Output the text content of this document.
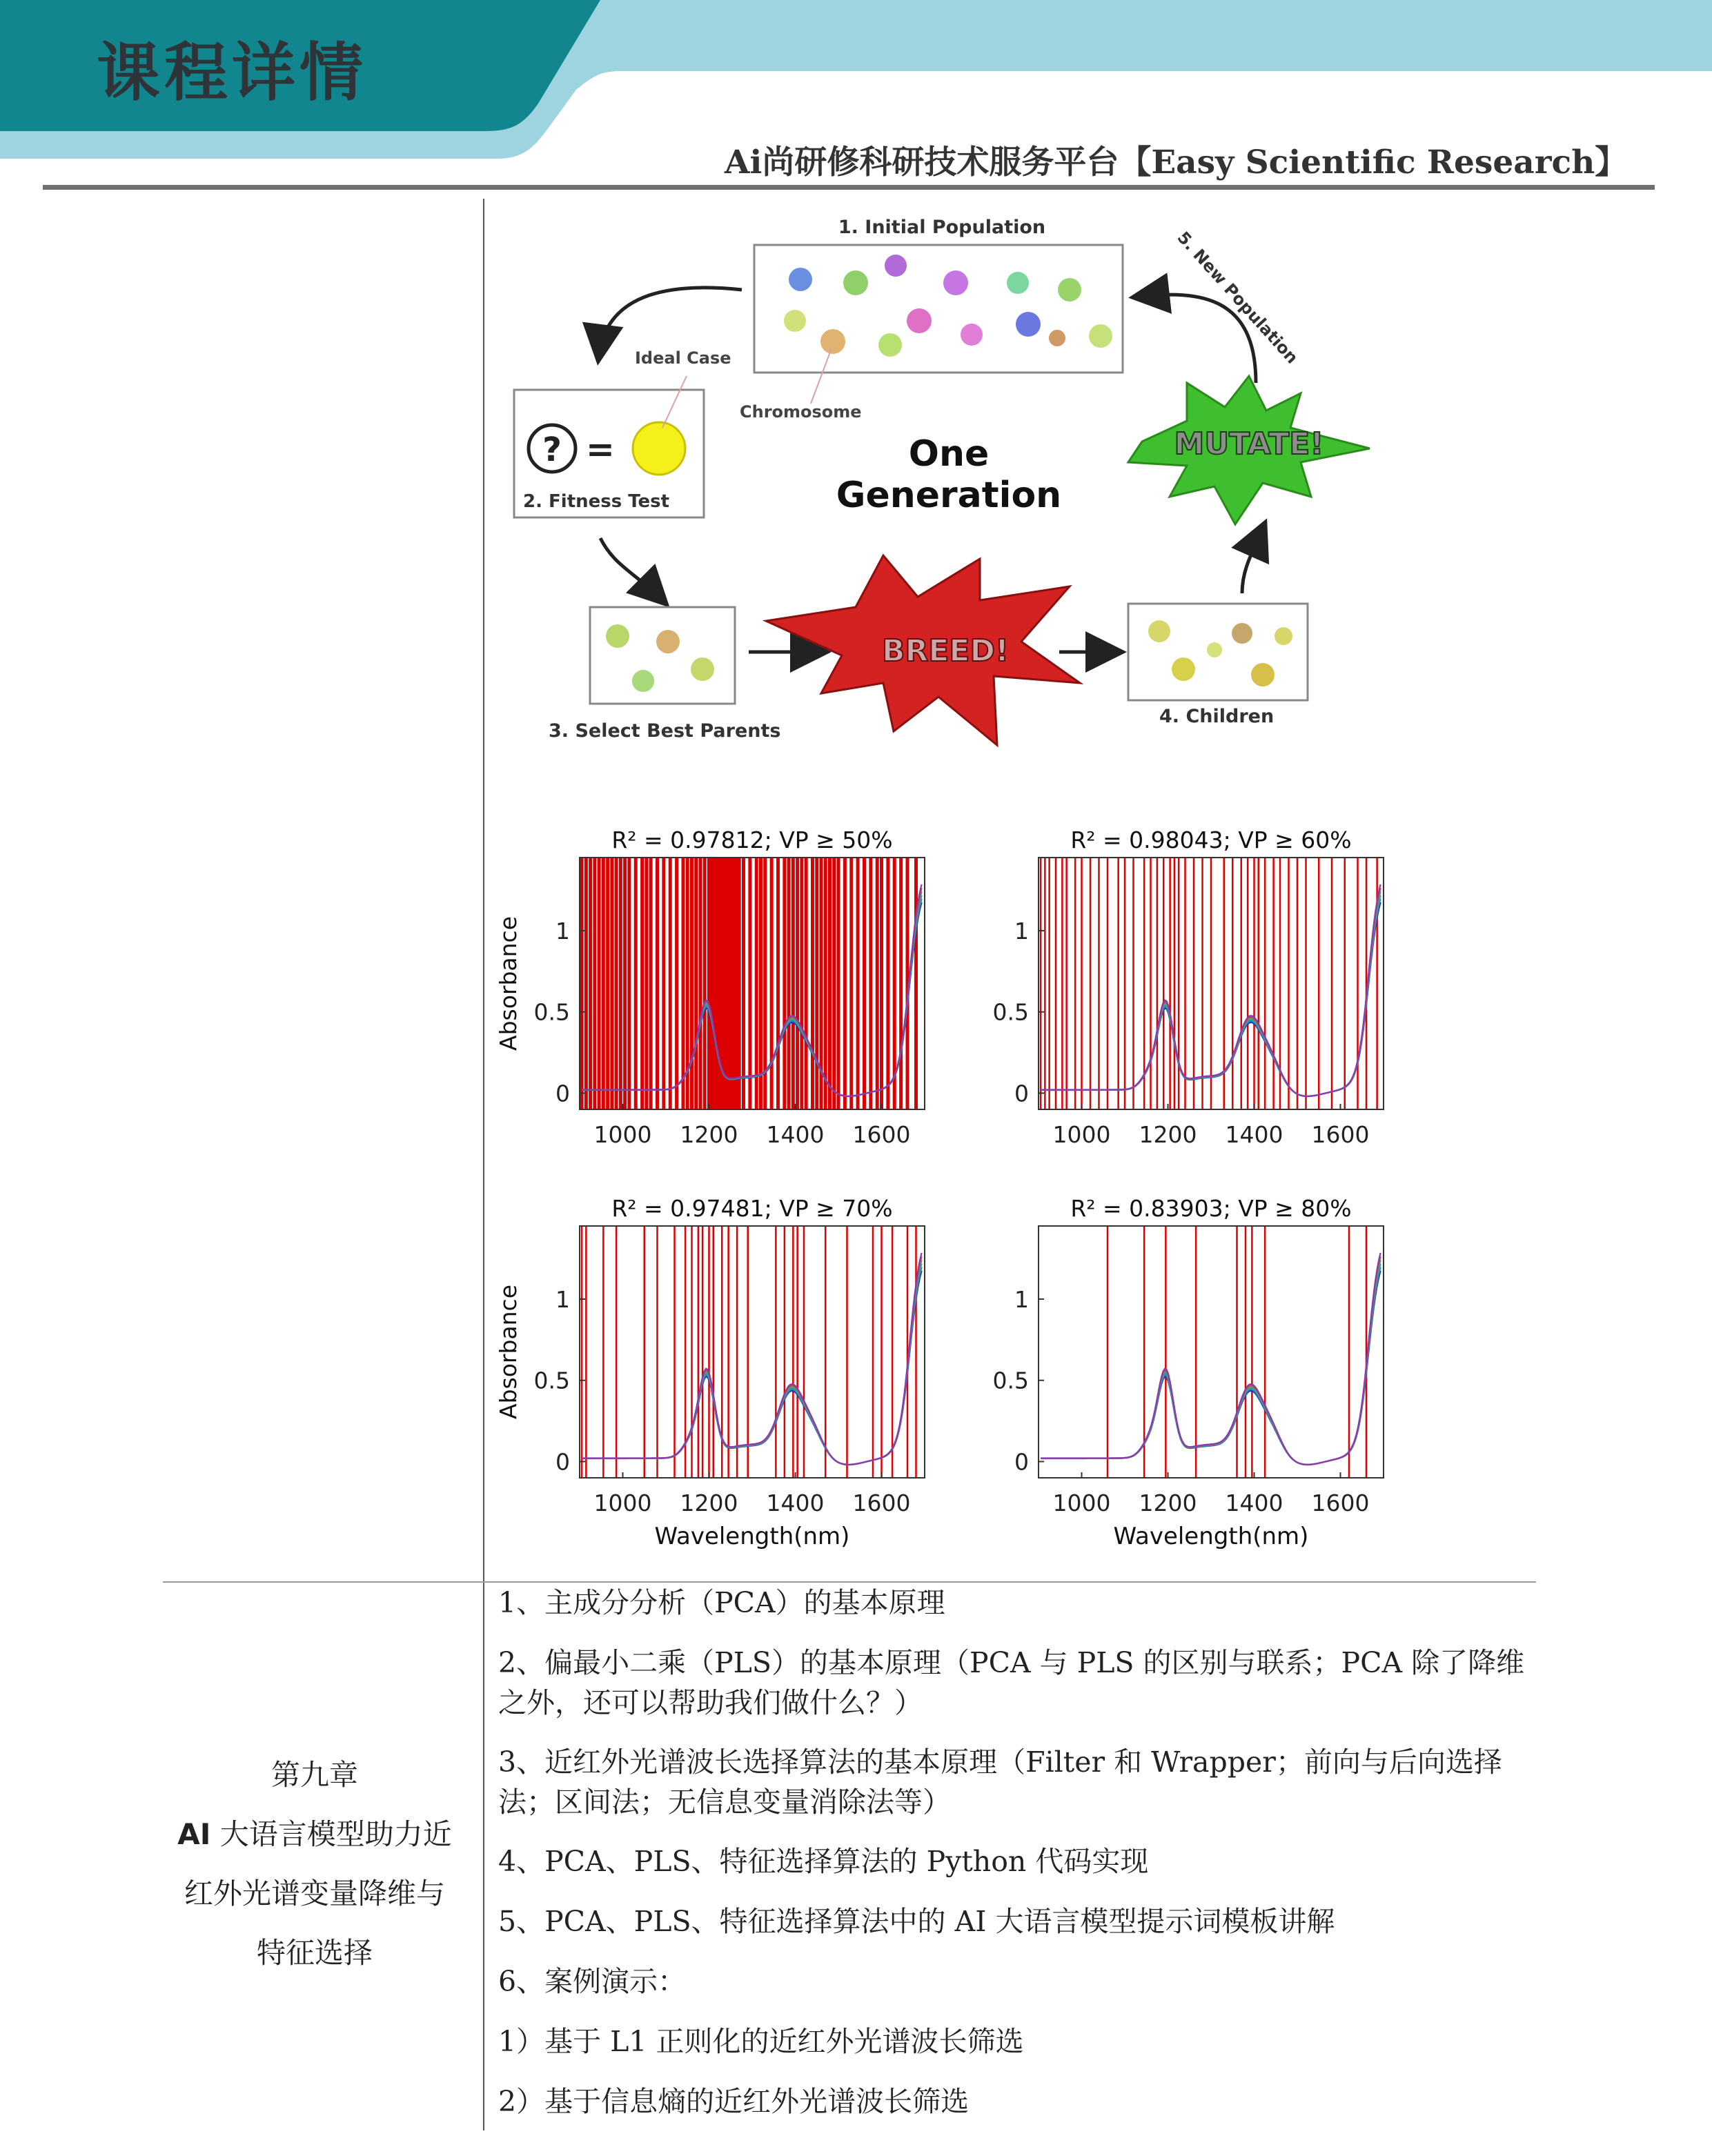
课程详情
Ai尚研修科研技术服务平台【Easy Scientific Research】
1. Initial Population
Ideal Case
Chromosome
? =
2. Fitness Test
One
Generation
3. Select Best Parents
BREED!
4. Children
MUTATE!
5. New Population
R² = 0.97812; VP ≥ 50%
1000 1200 1400 1600
0
0.5
1
Absorbance
R² = 0.98043; VP ≥ 60%
1000 1200 1400 1600
0
0.5
1
R² = 0.97481; VP ≥ 70%
1000 1200 1400 1600
0
0.5
1
Absorbance
Wavelength(nm)
R² = 0.83903; VP ≥ 80%
1000 1200 1400 1600
0
0.5
1
Wavelength(nm)
第九章
AI 大语言模型助力近
红外光谱变量降维与
特征选择
1、主成分分析（PCA）的基本原理
2、偏最小二乘（PLS）的基本原理（PCA 与 PLS 的区别与联系；PCA 除了降维之外，还可以帮助我们做什么？）
3、近红外光谱波长选择算法的基本原理（Filter 和 Wrapper；前向与后向选择法；区间法；无信息变量消除法等）
4、PCA、PLS、特征选择算法的 Python 代码实现
5、PCA、PLS、特征选择算法中的 AI 大语言模型提示词模板讲解
6、案例演示：
1）基于 L1 正则化的近红外光谱波长筛选
2）基于信息熵的近红外光谱波长筛选
